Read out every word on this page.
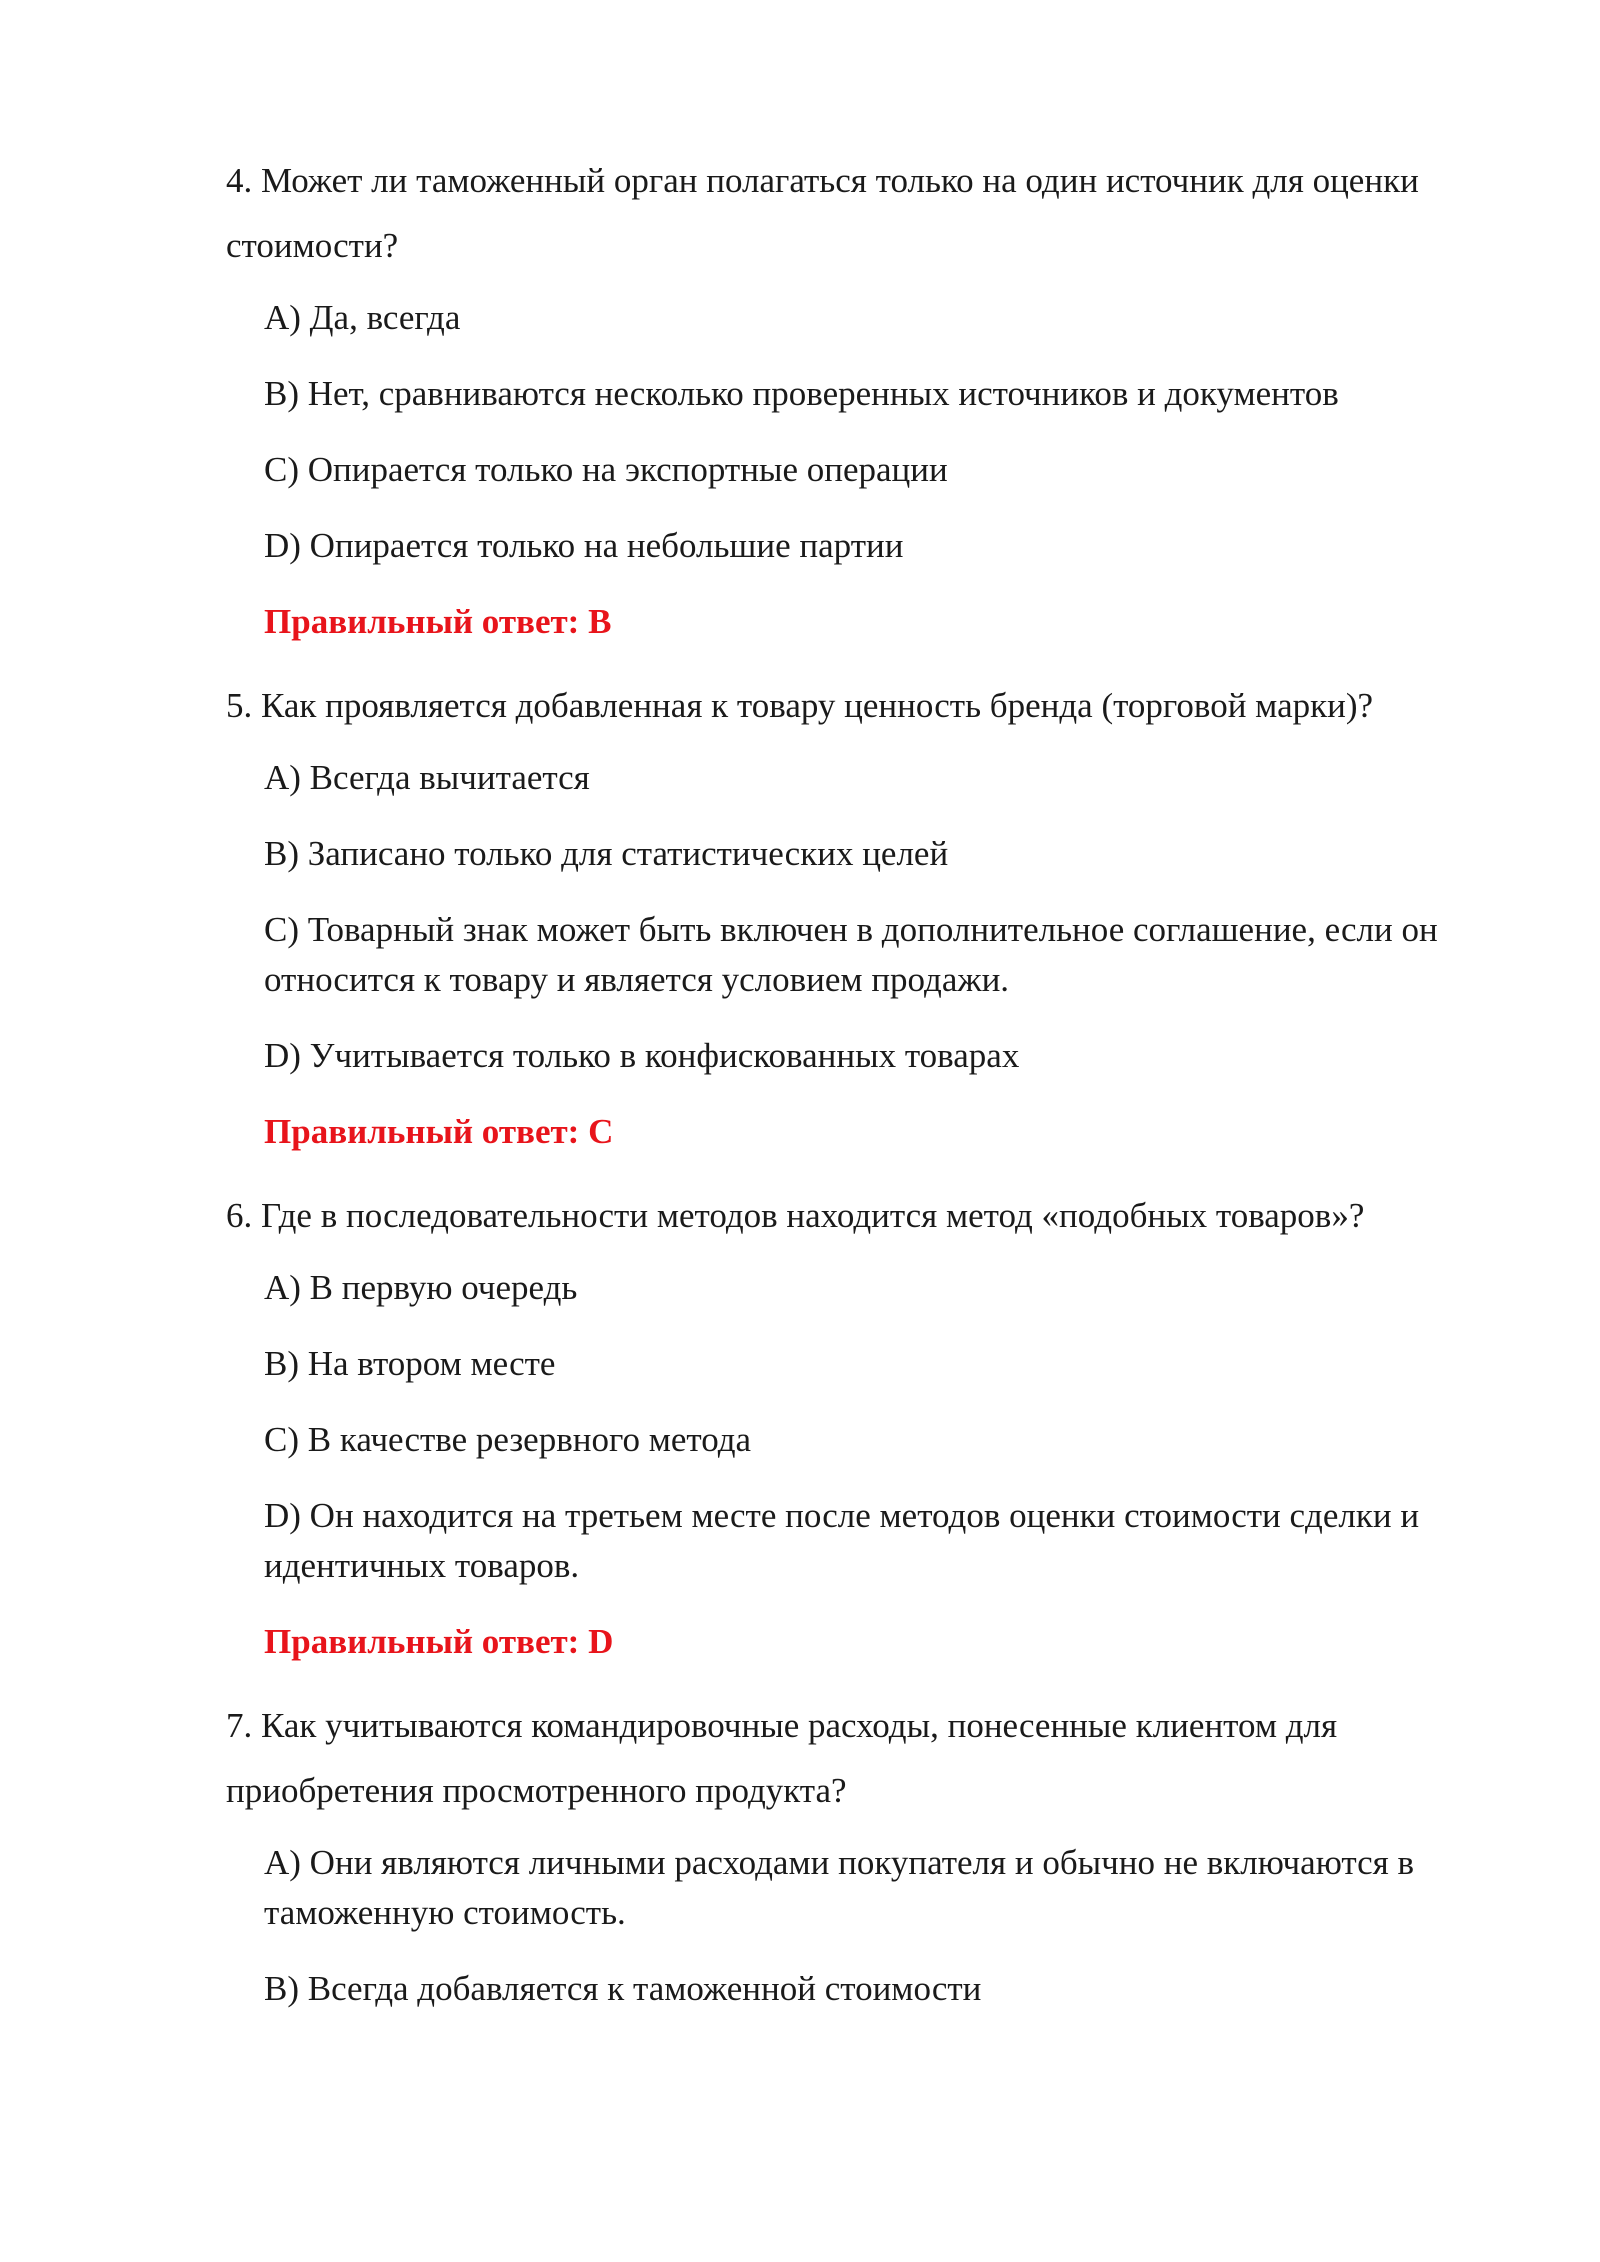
4. Может ли таможенный орган полагаться только на один источник для оценки стоимости?

A) Да, всегда

B) Нет, сравниваются несколько проверенных источников и документов

C) Опирается только на экспортные операции

D) Опирается только на небольшие партии

Правильный ответ: B

5. Как проявляется добавленная к товару ценность бренда (торговой марки)?

A) Всегда вычитается

B) Записано только для статистических целей

C) Товарный знак может быть включен в дополнительное соглашение, если он относится к товару и является условием продажи.

D) Учитывается только в конфискованных товарах

Правильный ответ: C

6. Где в последовательности методов находится метод «подобных товаров»?

A) В первую очередь

B) На втором месте

C) В качестве резервного метода

D) Он находится на третьем месте после методов оценки стоимости сделки и идентичных товаров.

Правильный ответ: D

7. Как учитываются командировочные расходы, понесенные клиентом для приобретения просмотренного продукта?

A) Они являются личными расходами покупателя и обычно не включаются в таможенную стоимость.

B) Всегда добавляется к таможенной стоимости
